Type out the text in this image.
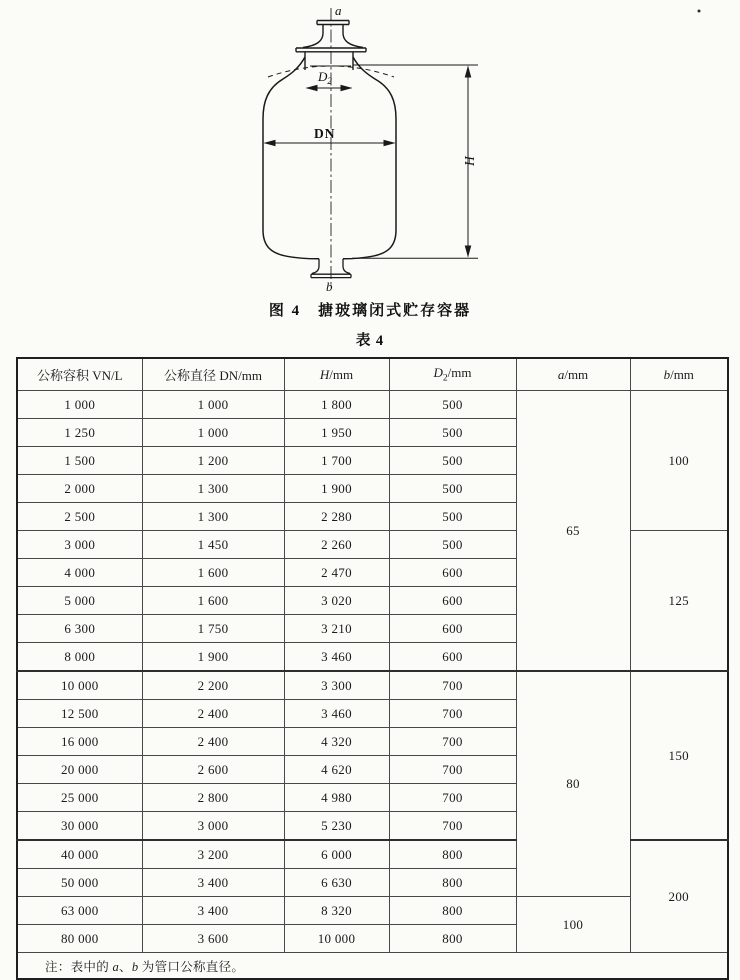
a
$D_2$
DN
H
b
图 4　搪玻璃闭式贮存容器
表 4
公称容积 VN/L	公称直径 DN/mm	H/mm	$D_2/mm$	a/mm	b/mm
1 000	1 000	1 800	500	65	100
1 250	1 000	1 950	500		
1 500	1 200	1 700	500		
2 000	1 300	1 900	500		
2 500	1 300	2 280	500		
3 000	1 450	2 260	500		125
4 000	1 600	2 470	600		
5 000	1 600	3 020	600		
6 300	1 750	3 210	600		
8 000	1 900	3 460	600		
10 000	2 200	3 300	700	80	150
12 500	2 400	3 460	700		
16 000	2 400	4 320	700		
20 000	2 600	4 620	700		
25 000	2 800	4 980	700		
30 000	3 000	5 230	700		
40 000	3 200	6 000	800		200
50 000	3 400	6 630	800		
63 000	3 400	8 320	800	100	
80 000	3 600	10 000	800		
注：表中的 a、b 为管口公称直径。					
